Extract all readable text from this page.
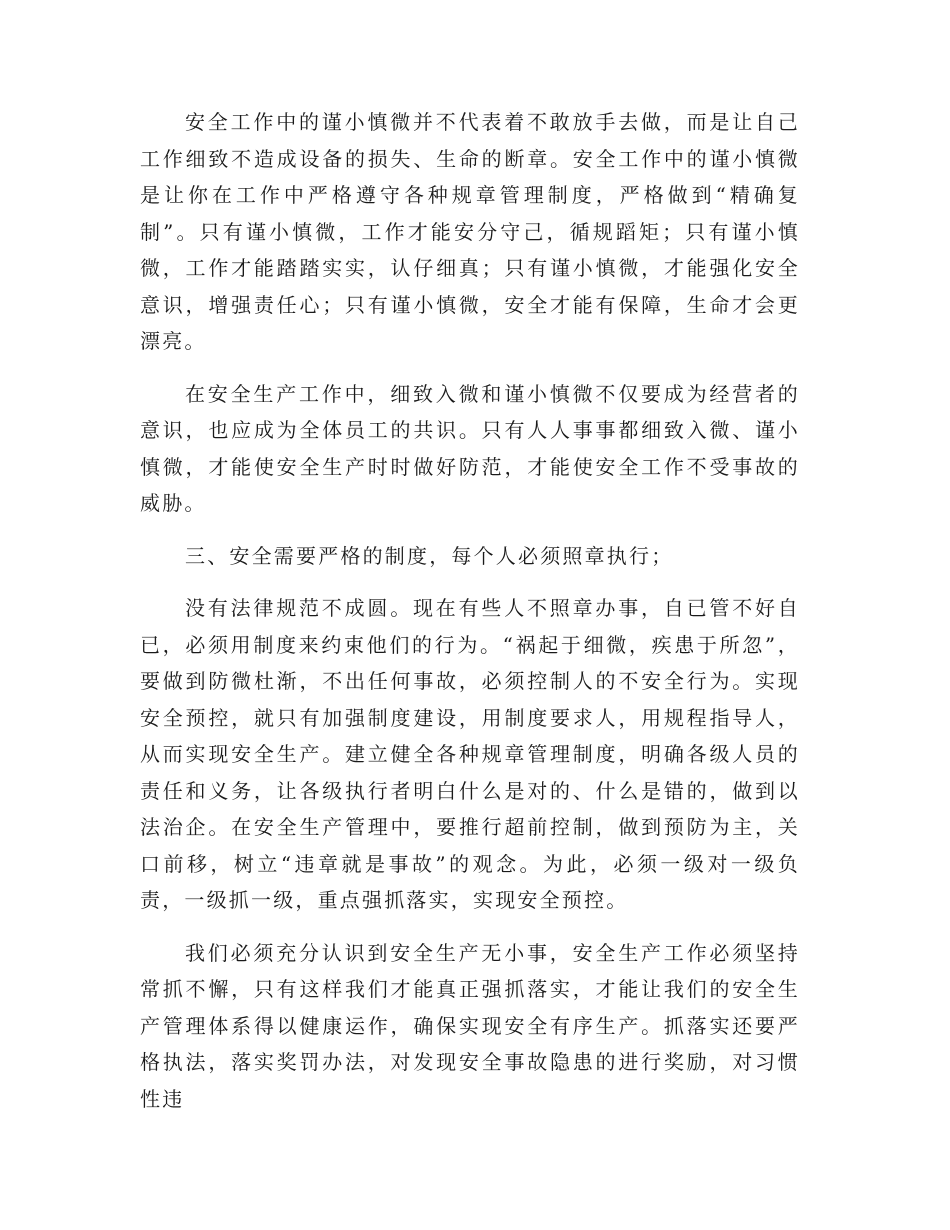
安全工作中的谨小慎微并不代表着不敢放手去做，而是让自己工作细致不造成设备的损失、生命的断章。安全工作中的谨小慎微是让你在工作中严格遵守各种规章管理制度，严格做到“精确复制”。只有谨小慎微，工作才能安分守己，循规蹈矩；只有谨小慎微，工作才能踏踏实实，认仔细真；只有谨小慎微，才能强化安全意识，增强责任心；只有谨小慎微，安全才能有保障，生命才会更漂亮。

在安全生产工作中，细致入微和谨小慎微不仅要成为经营者的意识，也应成为全体员工的共识。只有人人事事都细致入微、谨小慎微，才能使安全生产时时做好防范，才能使安全工作不受事故的威胁。

三、安全需要严格的制度，每个人必须照章执行；

没有法律规范不成圆。现在有些人不照章办事，自已管不好自已，必须用制度来约束他们的行为。“祸起于细微，疾患于所忽”，要做到防微杜渐，不出任何事故，必须控制人的不安全行为。实现安全预控，就只有加强制度建设，用制度要求人，用规程指导人，从而实现安全生产。建立健全各种规章管理制度，明确各级人员的责任和义务，让各级执行者明白什么是对的、什么是错的，做到以法治企。在安全生产管理中，要推行超前控制，做到预防为主，关口前移，树立“违章就是事故”的观念。为此，必须一级对一级负责，一级抓一级，重点强抓落实，实现安全预控。

我们必须充分认识到安全生产无小事，安全生产工作必须坚持常抓不懈，只有这样我们才能真正强抓落实，才能让我们的安全生产管理体系得以健康运作，确保实现安全有序生产。抓落实还要严格执法，落实奖罚办法，对发现安全事故隐患的进行奖励，对习惯性违
